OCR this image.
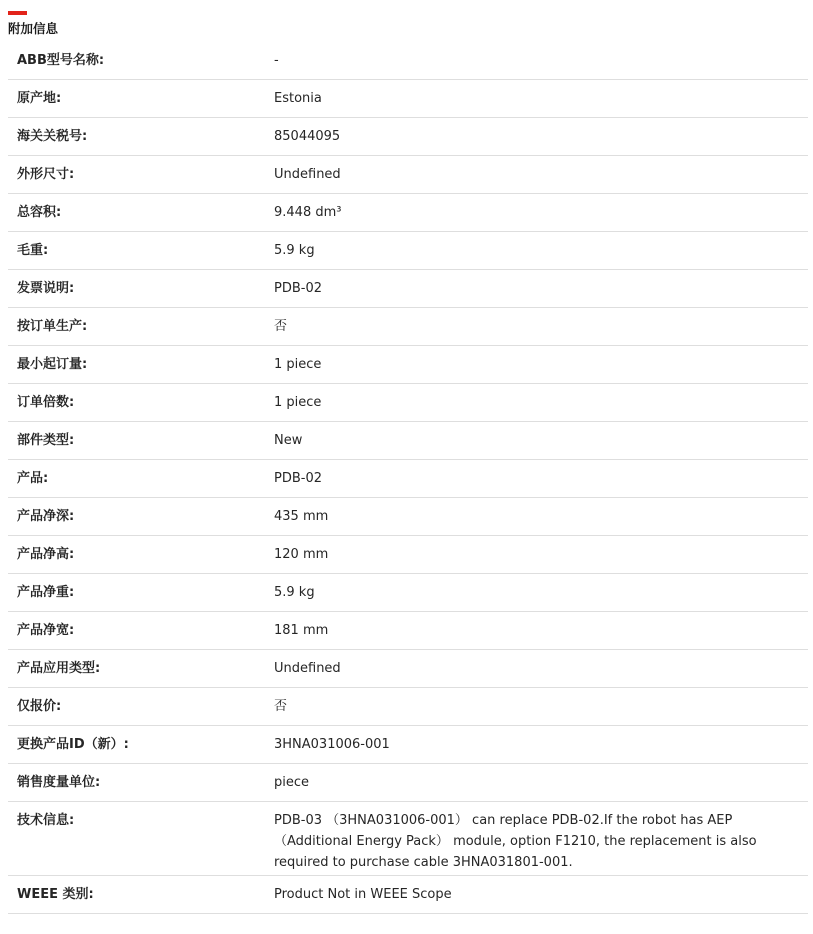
附加信息
ABB型号名称:	-
原产地:	Estonia
海关关税号:	85044095
外形尺寸:	Undefined
总容积:	9.448 dm³
毛重:	5.9 kg
发票说明:	PDB-02
按订单生产:	否
最小起订量:	1 piece
订单倍数:	1 piece
部件类型:	New
产品:	PDB-02
产品净深:	435 mm
产品净高:	120 mm
产品净重:	5.9 kg
产品净宽:	181 mm
产品应用类型:	Undefined
仅报价:	否
更换产品ID（新）:	3HNA031006-001
销售度量单位:	piece
技术信息:	PDB-03 （3HNA031006-001） can replace PDB-02.If the robot has AEP （Additional Energy Pack） module, option F1210, the replacement is also required to purchase cable 3HNA031801-001.
WEEE 类别:	Product Not in WEEE Scope
